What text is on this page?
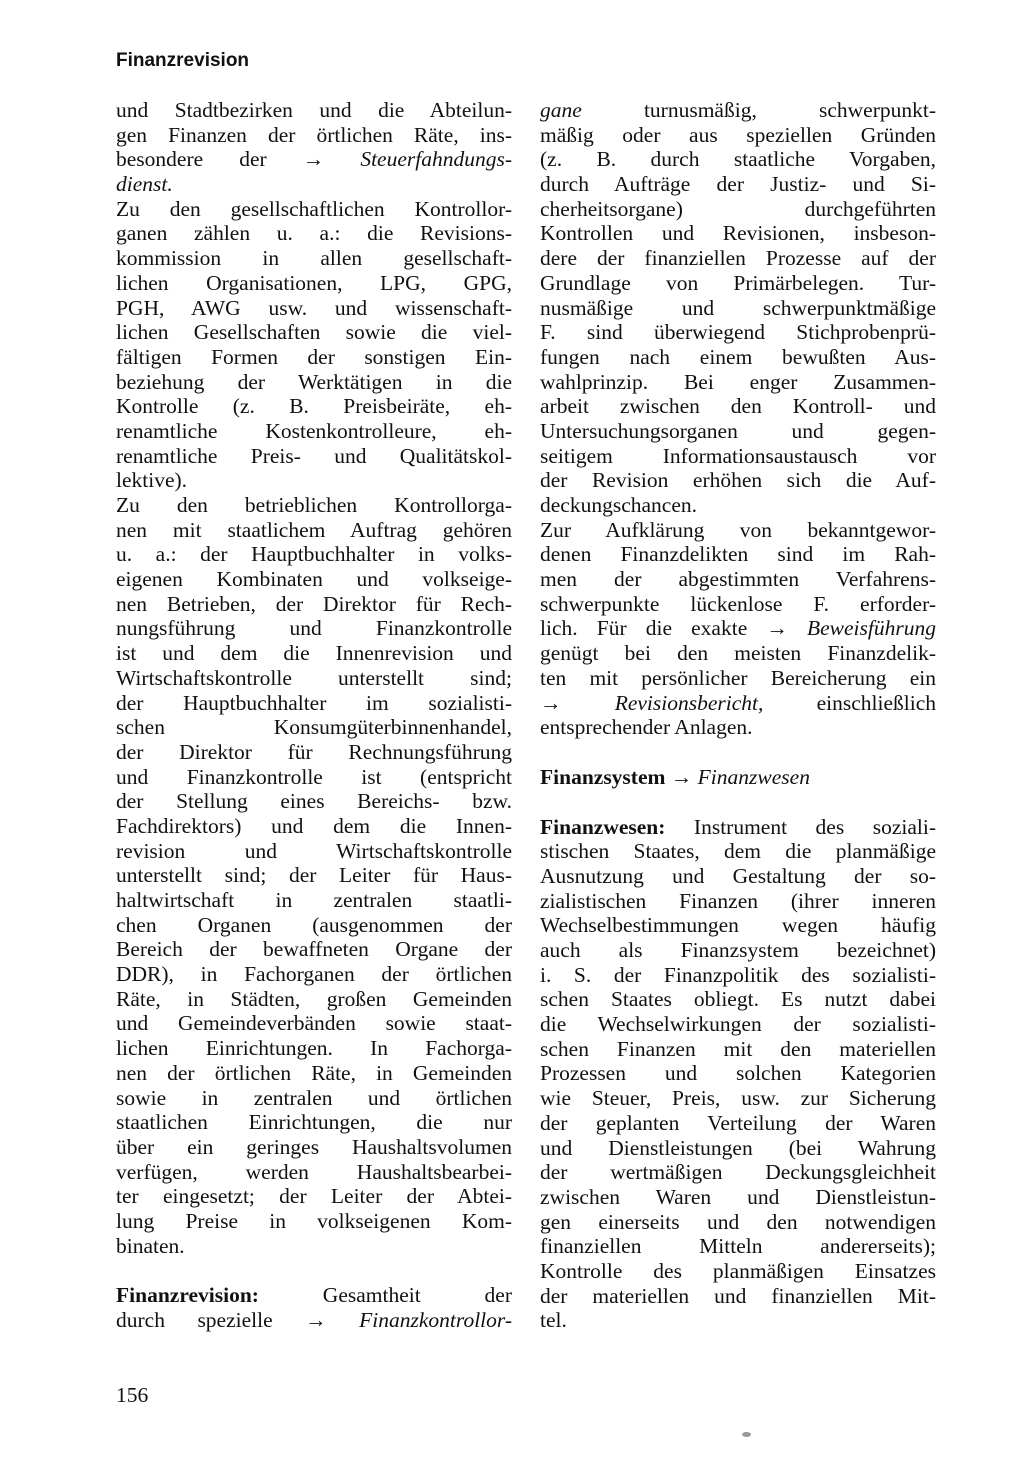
Finanzrevision
und Stadtbezirken und die Abteilun-
gen Finanzen der örtlichen Räte, ins-
besondere der → Steuerfahndungs-
dienst.
Zu den gesellschaftlichen Kontrollor-
ganen zählen u. a.: die Revisions-
kommission in allen gesellschaft-
lichen Organisationen, LPG, GPG,
PGH, AWG usw. und wissenschaft-
lichen Gesellschaften sowie die viel-
fältigen Formen der sonstigen Ein-
beziehung der Werktätigen in die
Kontrolle (z. B. Preisbeiräte, eh-
renamtliche Kostenkontrolleure, eh-
renamtliche Preis- und Qualitätskol-
lektive).
Zu den betrieblichen Kontrollorga-
nen mit staatlichem Auftrag gehören
u. a.: der Hauptbuchhalter in volks-
eigenen Kombinaten und volkseige-
nen Betrieben, der Direktor für Rech-
nungsführung und Finanzkontrolle
ist und dem die Innenrevision und
Wirtschaftskontrolle unterstellt sind;
der Hauptbuchhalter im sozialisti-
schen Konsumgüterbinnenhandel,
der Direktor für Rechnungsführung
und Finanzkontrolle ist (entspricht
der Stellung eines Bereichs- bzw.
Fachdirektors) und dem die Innen-
revision und Wirtschaftskontrolle
unterstellt sind; der Leiter für Haus-
haltwirtschaft in zentralen staatli-
chen Organen (ausgenommen der
Bereich der bewaffneten Organe der
DDR), in Fachorganen der örtlichen
Räte, in Städten, großen Gemeinden
und Gemeindeverbänden sowie staat-
lichen Einrichtungen. In Fachorga-
nen der örtlichen Räte, in Gemeinden
sowie in zentralen und örtlichen
staatlichen Einrichtungen, die nur
über ein geringes Haushaltsvolumen
verfügen, werden Haushaltsbearbei-
ter eingesetzt; der Leiter der Abtei-
lung Preise in volkseigenen Kom-
binaten.
Finanzrevision: Gesamtheit der
durch spezielle → Finanzkontrollor-
gane turnusmäßig, schwerpunkt-
mäßig oder aus speziellen Gründen
(z. B. durch staatliche Vorgaben,
durch Aufträge der Justiz- und Si-
cherheitsorgane) durchgeführten
Kontrollen und Revisionen, insbeson-
dere der finanziellen Prozesse auf der
Grundlage von Primärbelegen. Tur-
nusmäßige und schwerpunktmäßige
F. sind überwiegend Stichprobenprü-
fungen nach einem bewußten Aus-
wahlprinzip. Bei enger Zusammen-
arbeit zwischen den Kontroll- und
Untersuchungsorganen und gegen-
seitigem Informationsaustausch vor
der Revision erhöhen sich die Auf-
deckungschancen.
Zur Aufklärung von bekanntgewor-
denen Finanzdelikten sind im Rah-
men der abgestimmten Verfahrens-
schwerpunkte lückenlose F. erforder-
lich. Für die exakte → Beweisführung
genügt bei den meisten Finanzdelik-
ten mit persönlicher Bereicherung ein
→ Revisionsbericht, einschließlich
entsprechender Anlagen.
Finanzsystem → Finanzwesen
Finanzwesen: Instrument des soziali-
stischen Staates, dem die planmäßige
Ausnutzung und Gestaltung der so-
zialistischen Finanzen (ihrer inneren
Wechselbestimmungen wegen häufig
auch als Finanzsystem bezeichnet)
i. S. der Finanzpolitik des sozialisti-
schen Staates obliegt. Es nutzt dabei
die Wechselwirkungen der sozialisti-
schen Finanzen mit den materiellen
Prozessen und solchen Kategorien
wie Steuer, Preis, usw. zur Sicherung
der geplanten Verteilung der Waren
und Dienstleistungen (bei Wahrung
der wertmäßigen Deckungsgleichheit
zwischen Waren und Dienstleistun-
gen einerseits und den notwendigen
finanziellen Mitteln andererseits);
Kontrolle des planmäßigen Einsatzes
der materiellen und finanziellen Mit-
tel.
156
